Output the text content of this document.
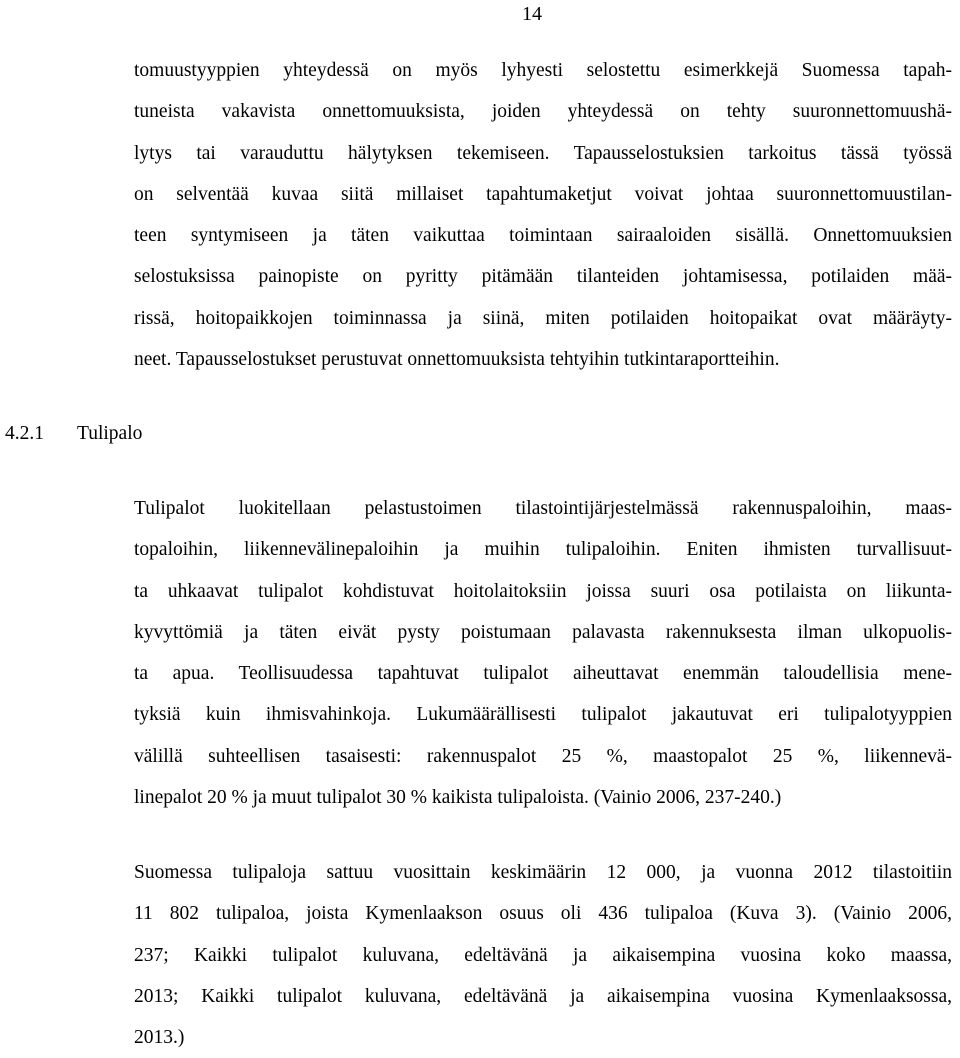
14

tomuustyyppien yhteydessä on myös lyhyesti selostettu esimerkkejä Suomessa tapah-
tuneista vakavista onnettomuuksista, joiden yhteydessä on tehty suuronnettomuushä-
lytys tai varauduttu hälytyksen tekemiseen. Tapausselostuksien tarkoitus tässä työssä
on selventää kuvaa siitä millaiset tapahtumaketjut voivat johtaa suuronnettomuustilan-
teen syntymiseen ja täten vaikuttaa toimintaan sairaaloiden sisällä. Onnettomuuksien
selostuksissa painopiste on pyritty pitämään tilanteiden johtamisessa, potilaiden mää-
rissä, hoitopaikkojen toiminnassa ja siinä, miten potilaiden hoitopaikat ovat määräyty-
neet. Tapausselostukset perustuvat onnettomuuksista tehtyihin tutkintaraportteihin.

4.2.1 Tulipalo

Tulipalot luokitellaan pelastustoimen tilastointijärjestelmässä rakennuspaloihin, maas-
topaloihin, liikennevälinepaloihin ja muihin tulipaloihin. Eniten ihmisten turvallisuut-
ta uhkaavat tulipalot kohdistuvat hoitolaitoksiin joissa suuri osa potilaista on liikunta-
kyvyttömiä ja täten eivät pysty poistumaan palavasta rakennuksesta ilman ulkopuolis-
ta apua. Teollisuudessa tapahtuvat tulipalot aiheuttavat enemmän taloudellisia mene-
tyksiä kuin ihmisvahinkoja. Lukumäärällisesti tulipalot jakautuvat eri tulipalotyyppien
välillä suhteellisen tasaisesti: rakennuspalot 25 %, maastopalot 25 %, liikennevä-
linepalot 20 % ja muut tulipalot 30 % kaikista tulipaloista. (Vainio 2006, 237-240.)

Suomessa tulipaloja sattuu vuosittain keskimäärin 12 000, ja vuonna 2012 tilastoitiin
11 802 tulipaloa, joista Kymenlaakson osuus oli 436 tulipaloa (Kuva 3). (Vainio 2006,
237; Kaikki tulipalot kuluvana, edeltävänä ja aikaisempina vuosina koko maassa,
2013; Kaikki tulipalot kuluvana, edeltävänä ja aikaisempina vuosina Kymenlaaksossa,
2013.)
